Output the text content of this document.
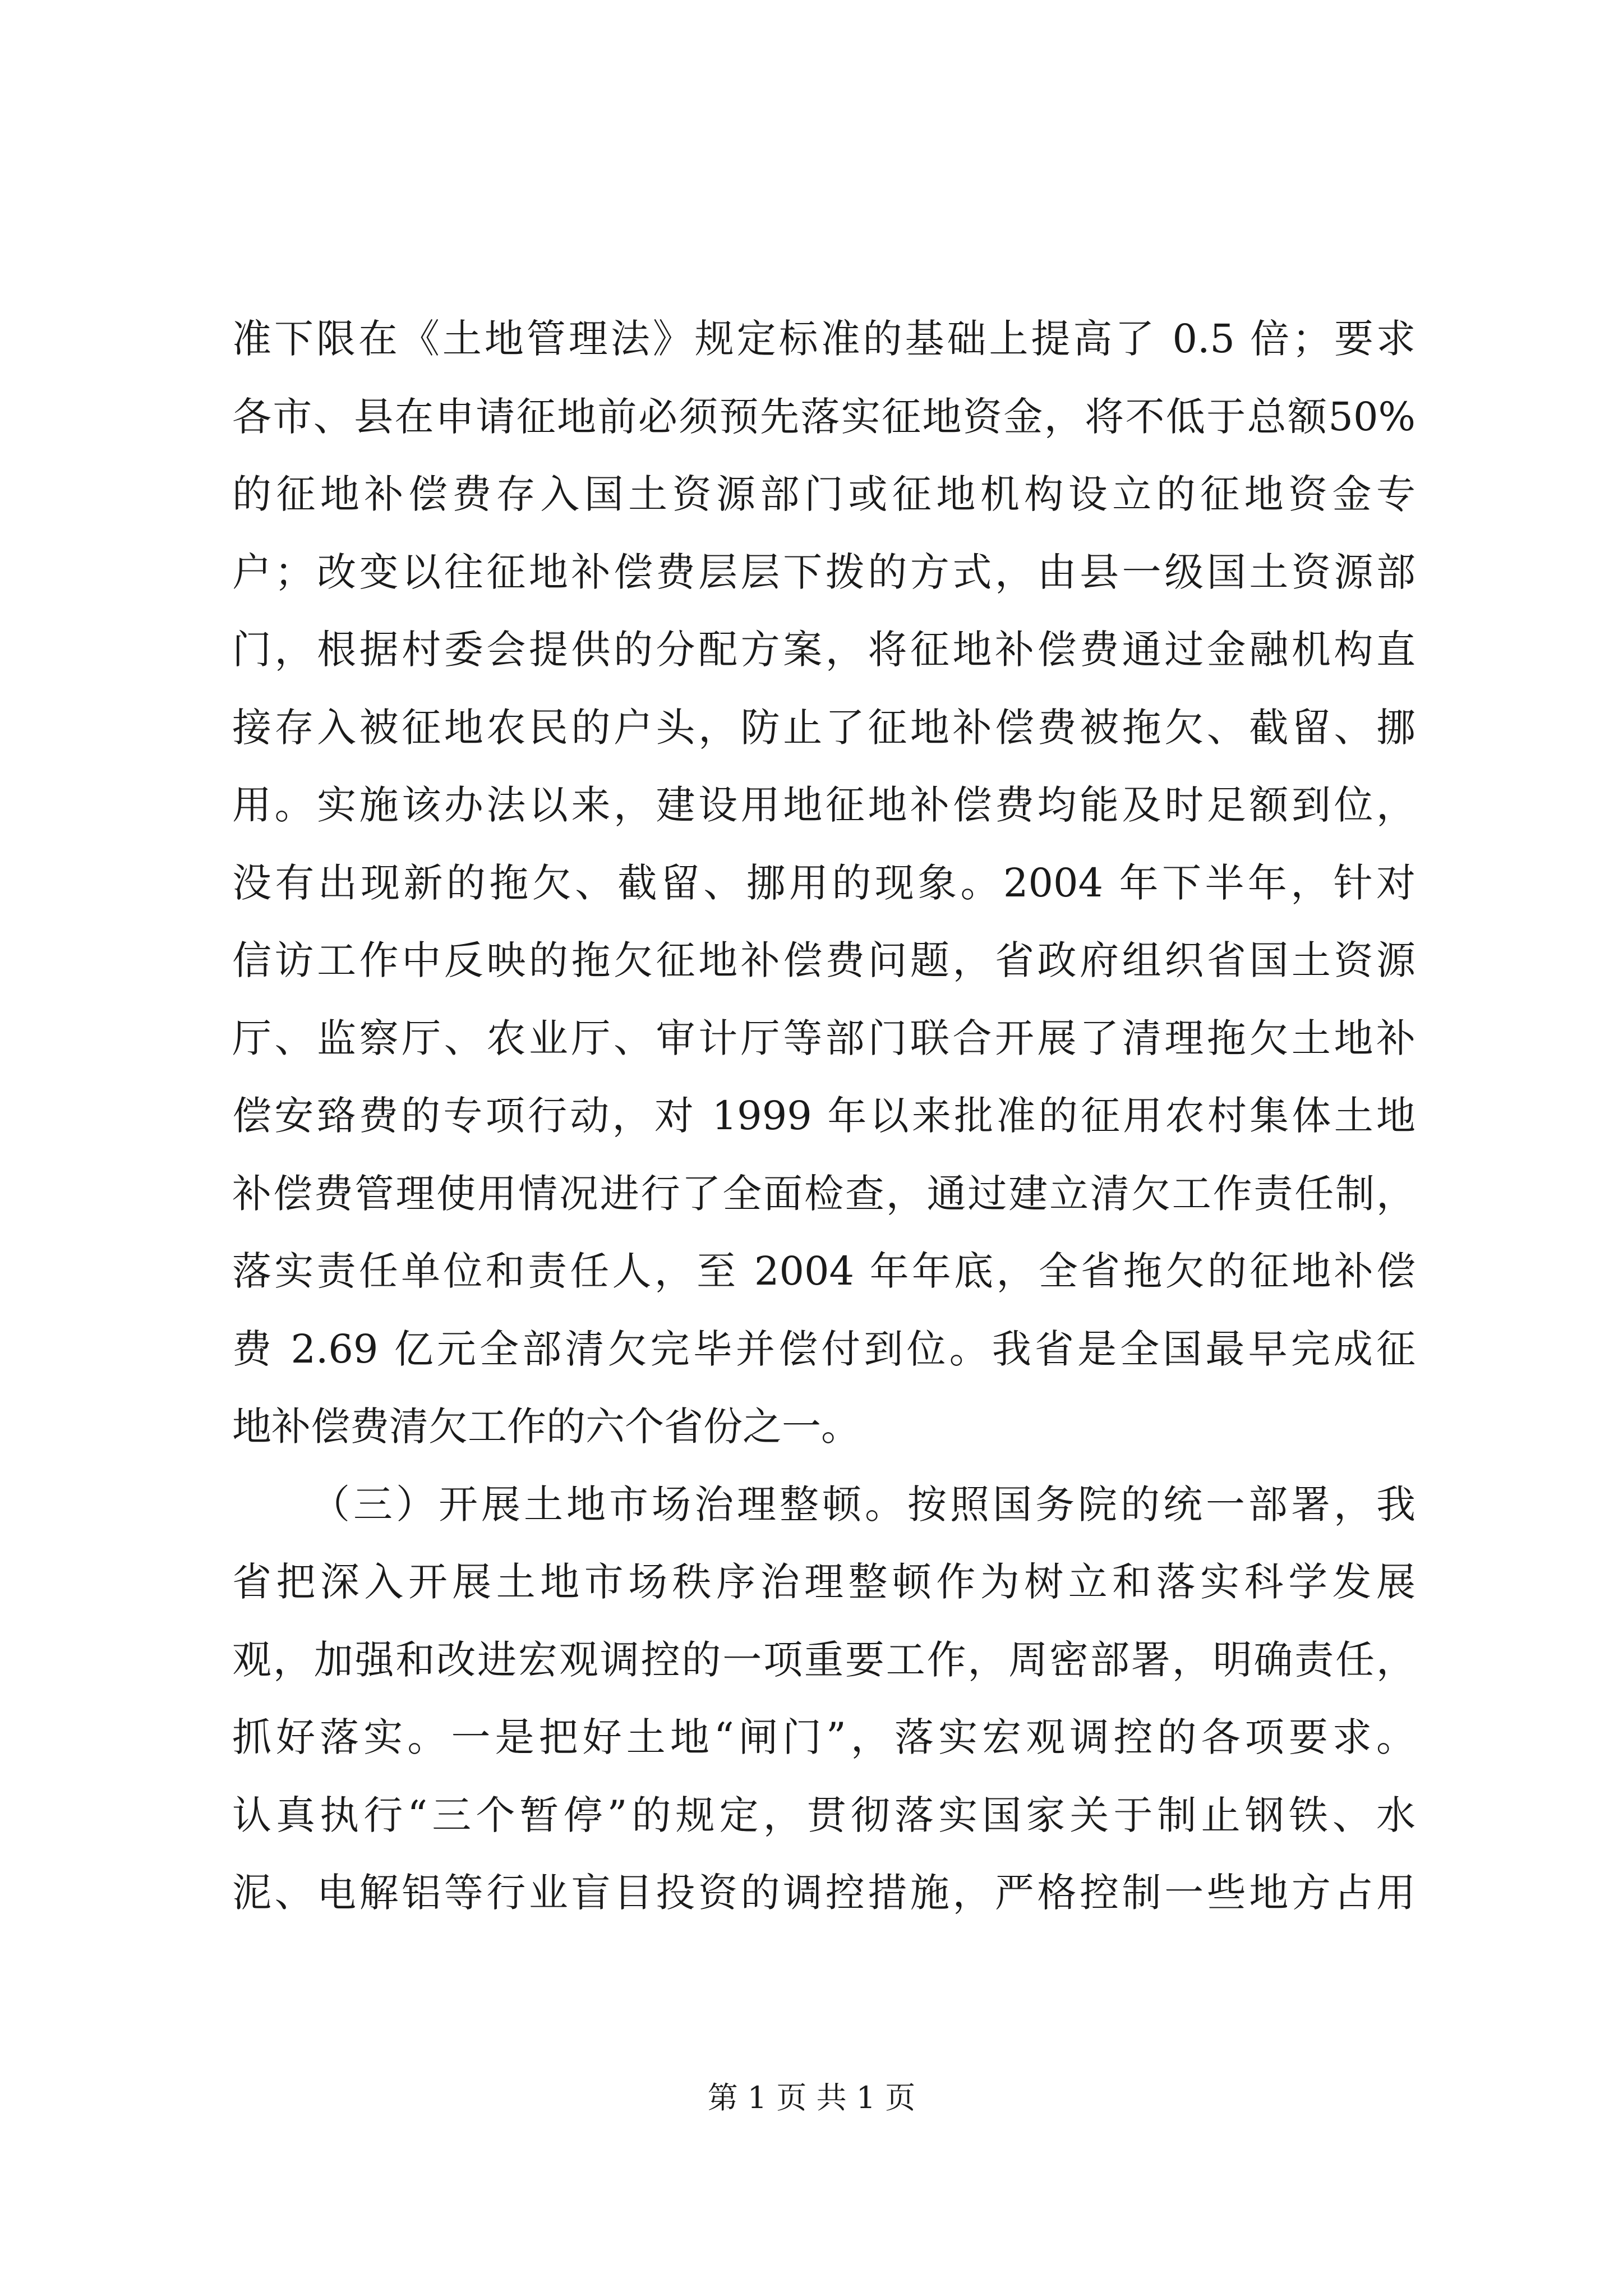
准下限在《土地管理法》规定标准的基础上提高了 0.5 倍；要求
各市、县在申请征地前必须预先落实征地资金，将不低于总额50%
的征地补偿费存入国土资源部门或征地机构设立的征地资金专
户；改变以往征地补偿费层层下拨的方式，由县一级国土资源部
门，根据村委会提供的分配方案，将征地补偿费通过金融机构直
接存入被征地农民的户头，防止了征地补偿费被拖欠、截留、挪
用。实施该办法以来，建设用地征地补偿费均能及时足额到位，
没有出现新的拖欠、截留、挪用的现象。2004 年下半年，针对
信访工作中反映的拖欠征地补偿费问题，省政府组织省国土资源
厅、监察厅、农业厅、审计厅等部门联合开展了清理拖欠土地补
偿安臵费的专项行动，对 1999 年以来批准的征用农村集体土地
补偿费管理使用情况进行了全面检查，通过建立清欠工作责任制，
落实责任单位和责任人，至 2004 年年底，全省拖欠的征地补偿
费 2.69 亿元全部清欠完毕并偿付到位。我省是全国最早完成征
地补偿费清欠工作的六个省份之一。
（三）开展土地市场治理整顿。按照国务院的统一部署，我
省把深入开展土地市场秩序治理整顿作为树立和落实科学发展
观，加强和改进宏观调控的一项重要工作，周密部署，明确责任，
抓好落实。一是把好土地“闸门”，落实宏观调控的各项要求。
认真执行“三个暂停”的规定，贯彻落实国家关于制止钢铁、水
泥、电解铝等行业盲目投资的调控措施，严格控制一些地方占用
第 1 页 共 1 页
